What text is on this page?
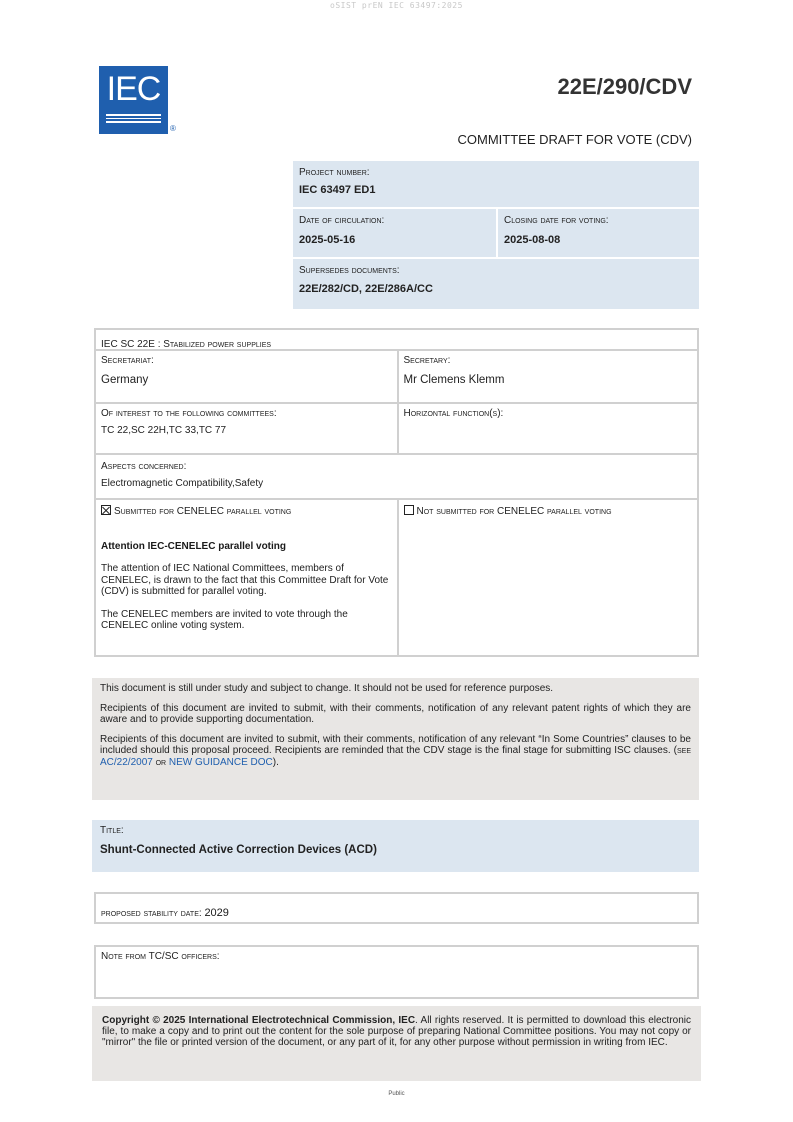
oSIST prEN IEC 63497:2025
IEC
®
22E/290/CDV
COMMITTEE DRAFT FOR VOTE (CDV)
Project number:
IEC 63497 ED1
Date of circulation:
2025-05-16
Closing date for voting:
2025-08-08
Supersedes documents:
22E/282/CD, 22E/286A/CC
IEC SC 22E : Stabilized power supplies
Secretariat:
Germany
Secretary:
Mr Clemens Klemm
Of interest to the following committees:
TC 22,SC 22H,TC 33,TC 77
Horizontal function(s):
Aspects concerned:
Electromagnetic Compatibility,Safety
Submitted for CENELEC parallel voting
Attention IEC-CENELEC parallel voting

The attention of IEC National Committees, members of CENELEC, is drawn to the fact that this Committee Draft for Vote (CDV) is submitted for parallel voting.

The CENELEC members are invited to vote through the CENELEC online voting system.

Not submitted for CENELEC parallel voting

This document is still under study and subject to change. It should not be used for reference purposes.

Recipients of this document are invited to submit, with their comments, notification of any relevant patent rights of which they are aware and to provide supporting documentation.

Recipients of this document are invited to submit, with their comments, notification of any relevant “In Some Countries” clauses to be included should this proposal proceed. Recipients are reminded that the CDV stage is the final stage for submitting ISC clauses. (see AC/22/2007 or NEW GUIDANCE DOC).

Title:
Shunt-Connected Active Correction Devices (ACD)
proposed stability date: 2029
Note from TC/SC officers:

Copyright © 2025 International Electrotechnical Commission, IEC. All rights reserved. It is permitted to download this electronic file, to make a copy and to print out the content for the sole purpose of preparing National Committee positions. You may not copy or "mirror" the file or printed version of the document, or any part of it, for any other purpose without permission in writing from IEC.

Public
